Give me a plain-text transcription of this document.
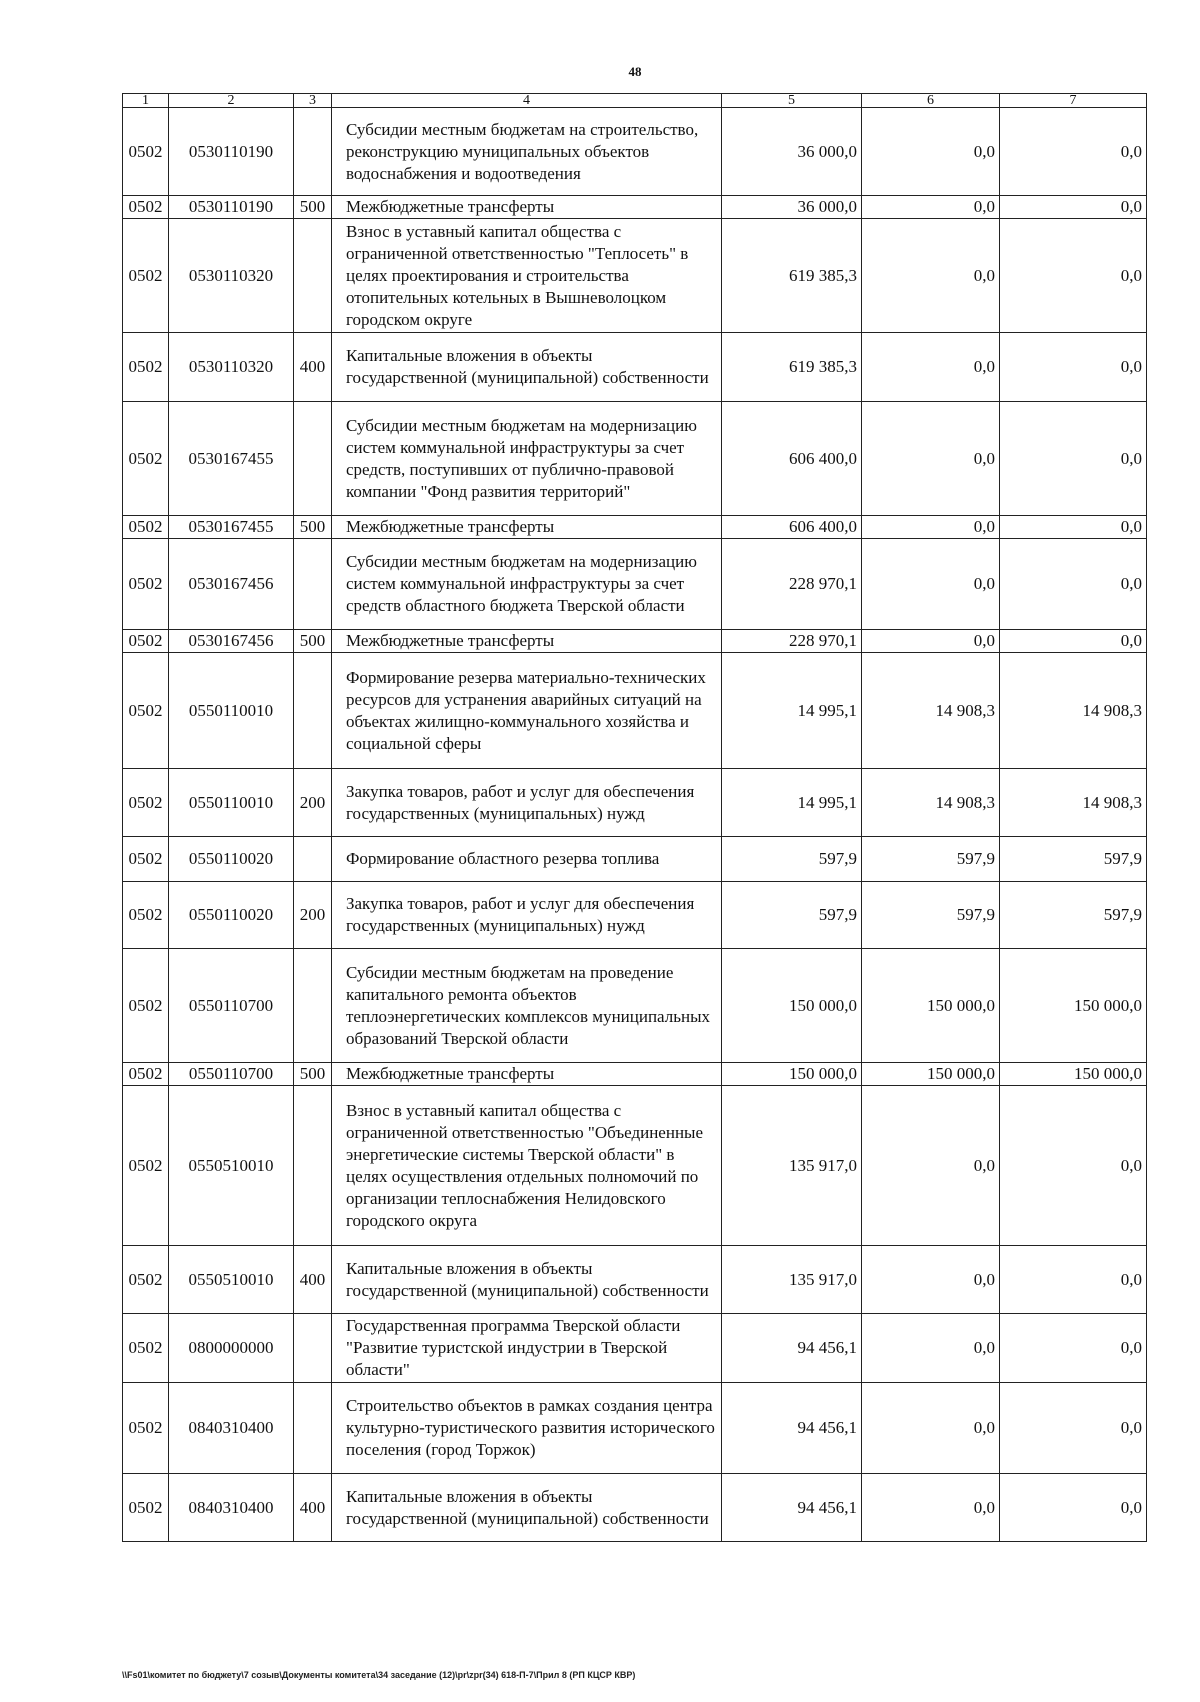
48
1	2	3	4	5	6	7
0502	0530110190		Субсидии местным бюджетам на строительство, реконструкцию муниципальных объектов водоснабжения и водоотведения	36 000,0	0,0	0,0
0502	0530110190	500	Межбюджетные трансферты	36 000,0	0,0	0,0
0502	0530110320		Взнос в уставный капитал общества с ограниченной ответственностью "Теплосеть" в целях проектирования и строительства отопительных котельных в Вышневолоцком городском округе	619 385,3	0,0	0,0
0502	0530110320	400	Капитальные вложения в объекты государственной (муниципальной) собственности	619 385,3	0,0	0,0
0502	0530167455		Субсидии местным бюджетам на модернизацию систем коммунальной инфраструктуры за счет средств, поступивших от публично-правовой компании "Фонд развития территорий"	606 400,0	0,0	0,0
0502	0530167455	500	Межбюджетные трансферты	606 400,0	0,0	0,0
0502	0530167456		Субсидии местным бюджетам на модернизацию систем коммунальной инфраструктуры за счет средств областного бюджета Тверской области	228 970,1	0,0	0,0
0502	0530167456	500	Межбюджетные трансферты	228 970,1	0,0	0,0
0502	0550110010		Формирование резерва материально-технических ресурсов для устранения аварийных ситуаций на объектах жилищно-коммунального хозяйства и социальной сферы	14 995,1	14 908,3	14 908,3
0502	0550110010	200	Закупка товаров, работ и услуг для обеспечения государственных (муниципальных) нужд	14 995,1	14 908,3	14 908,3
0502	0550110020		Формирование областного резерва топлива	597,9	597,9	597,9
0502	0550110020	200	Закупка товаров, работ и услуг для обеспечения государственных (муниципальных) нужд	597,9	597,9	597,9
0502	0550110700		Субсидии местным бюджетам на проведение капитального ремонта объектов теплоэнергетических комплексов муниципальных образований Тверской области	150 000,0	150 000,0	150 000,0
0502	0550110700	500	Межбюджетные трансферты	150 000,0	150 000,0	150 000,0
0502	0550510010		Взнос в уставный капитал общества с ограниченной ответственностью "Объединенные энергетические системы Тверской области" в целях осуществления отдельных полномочий по организации теплоснабжения Нелидовского городского округа	135 917,0	0,0	0,0
0502	0550510010	400	Капитальные вложения в объекты государственной (муниципальной) собственности	135 917,0	0,0	0,0
0502	0800000000		Государственная программа Тверской области "Развитие туристской индустрии в Тверской области"	94 456,1	0,0	0,0
0502	0840310400		Строительство объектов в рамках создания центра культурно-туристического развития исторического поселения (город Торжок)	94 456,1	0,0	0,0
0502	0840310400	400	Капитальные вложения в объекты государственной (муниципальной) собственности	94 456,1	0,0	0,0
\\Fs01\комитет по бюджету\7 созыв\Документы комитета\34 заседание (12)\pr\zpr(34) 618-П-7\Прил 8 (РП КЦСР КВР)
